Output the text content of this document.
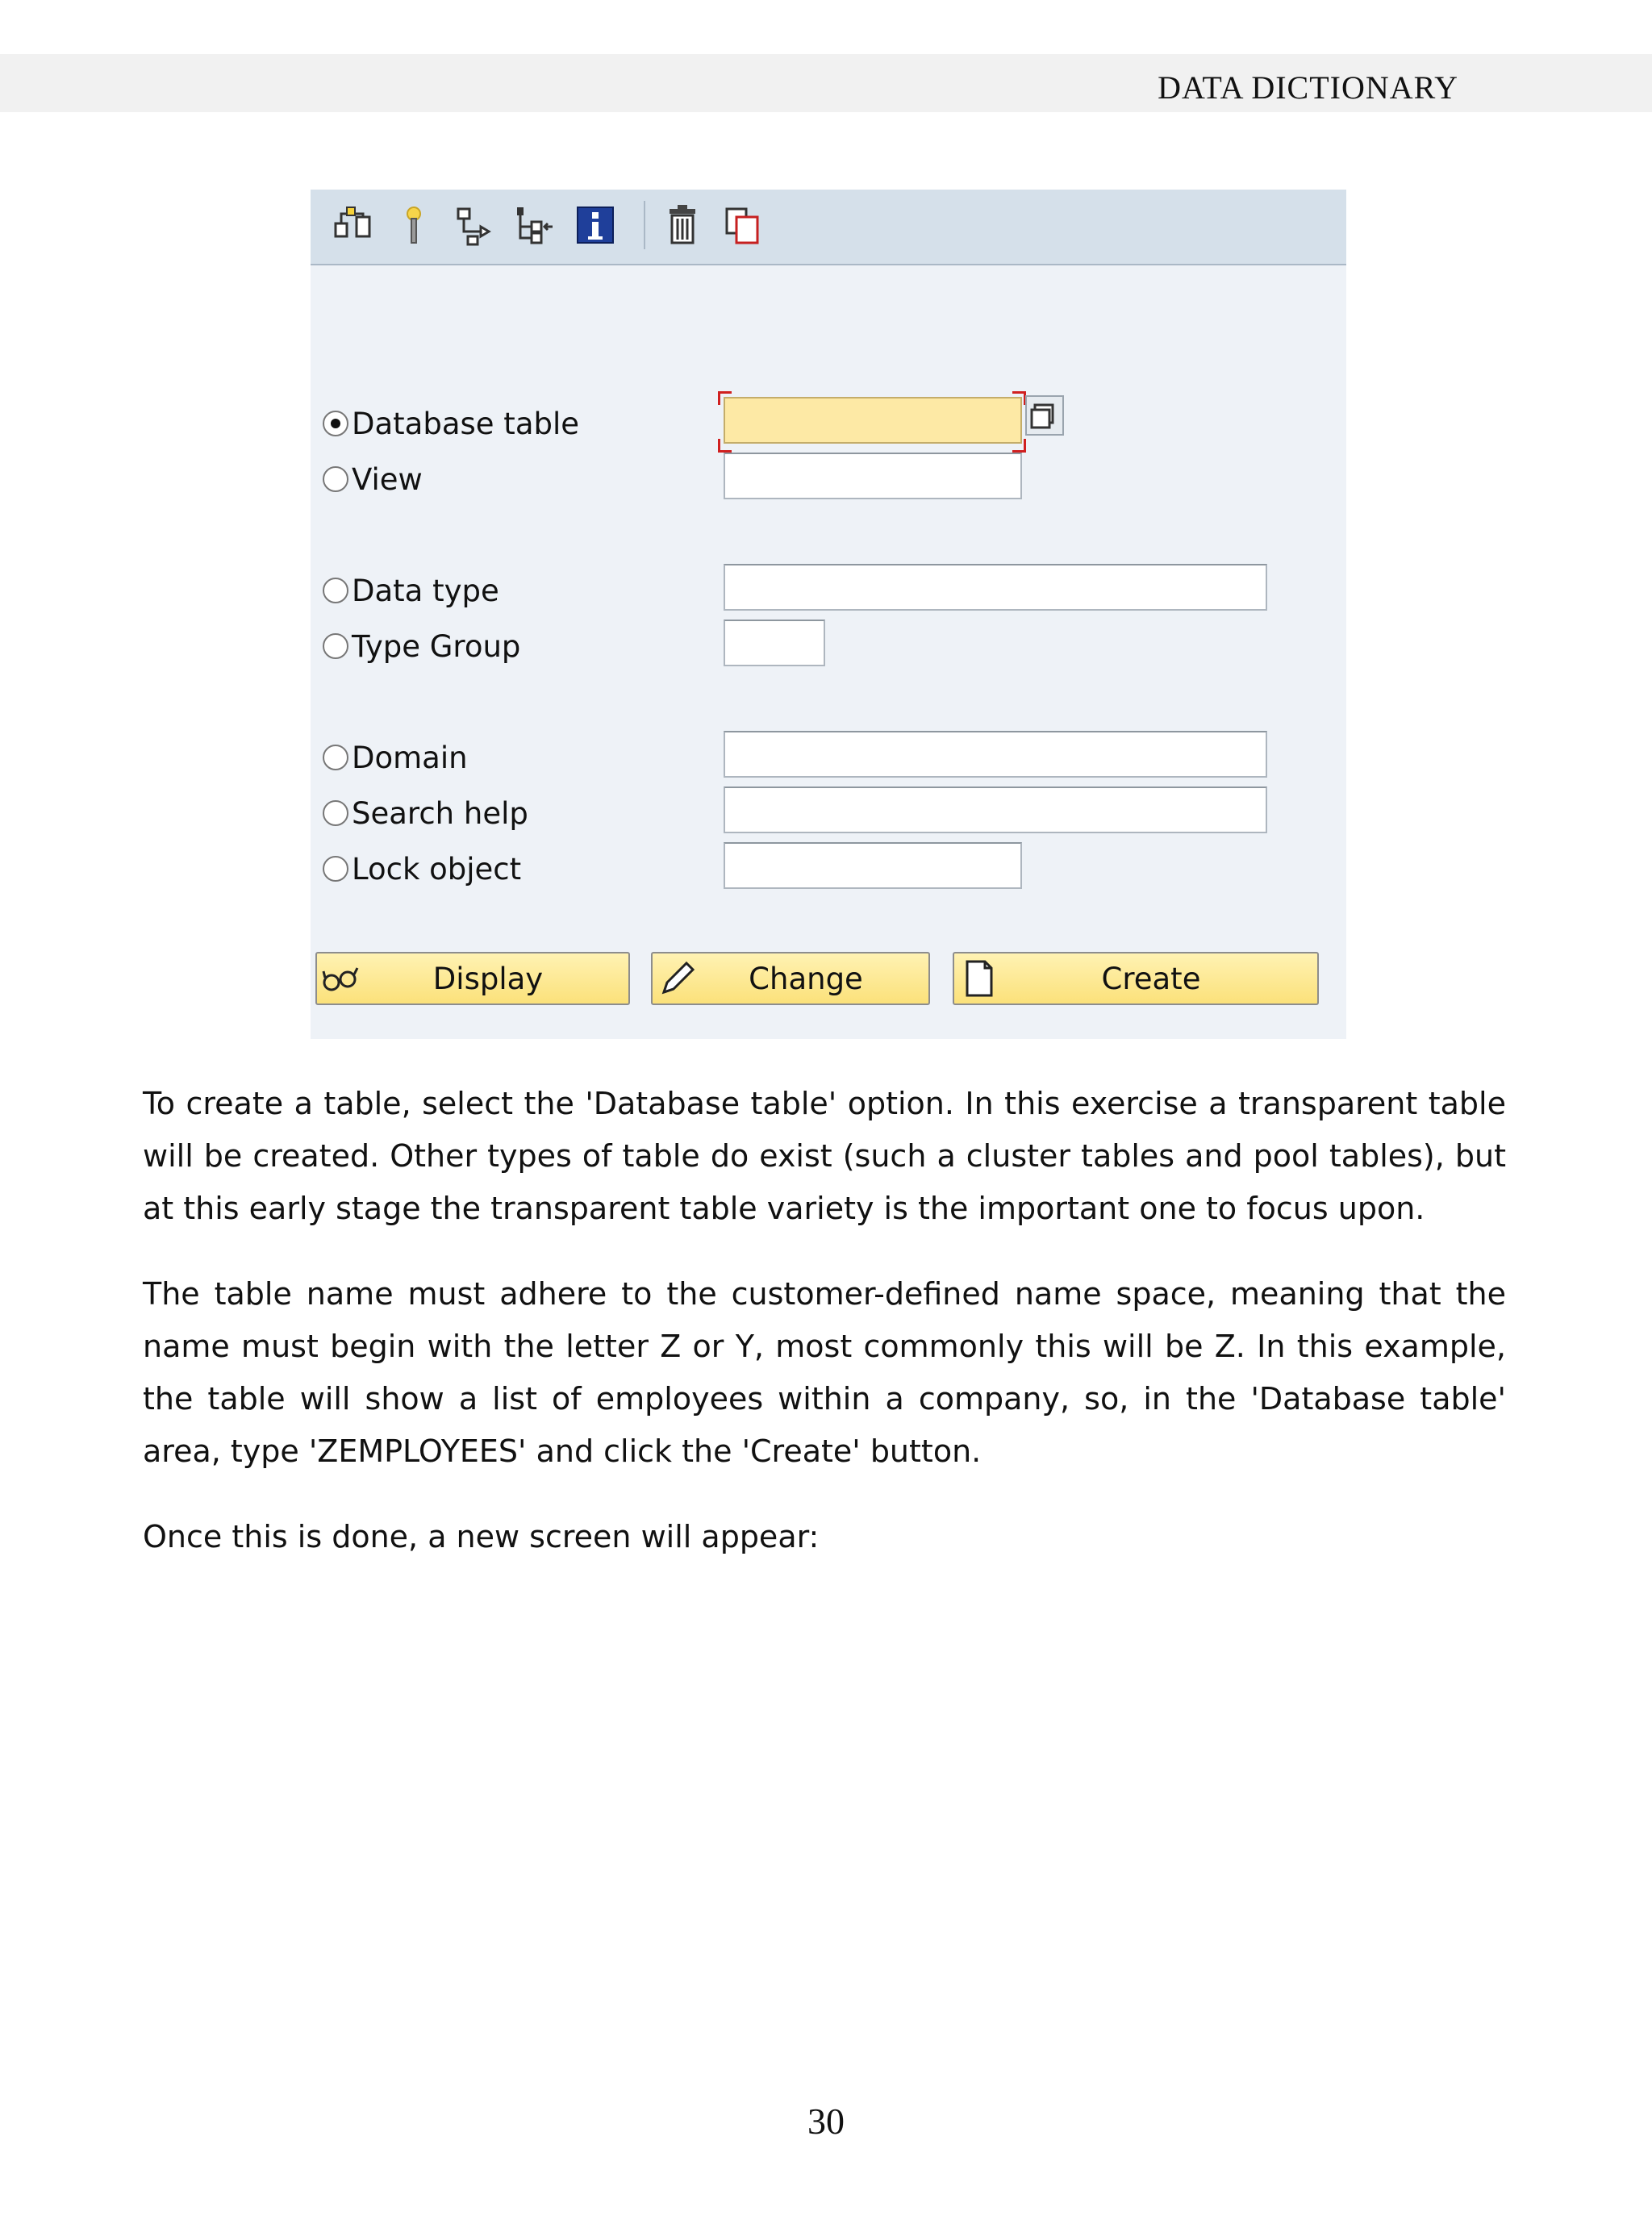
DATA DICTIONARY
Database table
View
Data type
Type Group
Domain
Search help
Lock object
Display	Change	Create

To create a table, select the 'Database table' option. In this exercise a transparent table will be created. Other types of table do exist (such a cluster tables and pool tables), but at this early stage the transparent table variety is the important one to focus upon.

The table name must adhere to the customer-defined name space, meaning that the name must begin with the letter Z or Y, most commonly this will be Z. In this example, the table will show a list of employees within a company, so, in the 'Database table' area, type 'ZEMPLOYEES' and click the 'Create' button.

Once this is done, a new screen will appear:

30
